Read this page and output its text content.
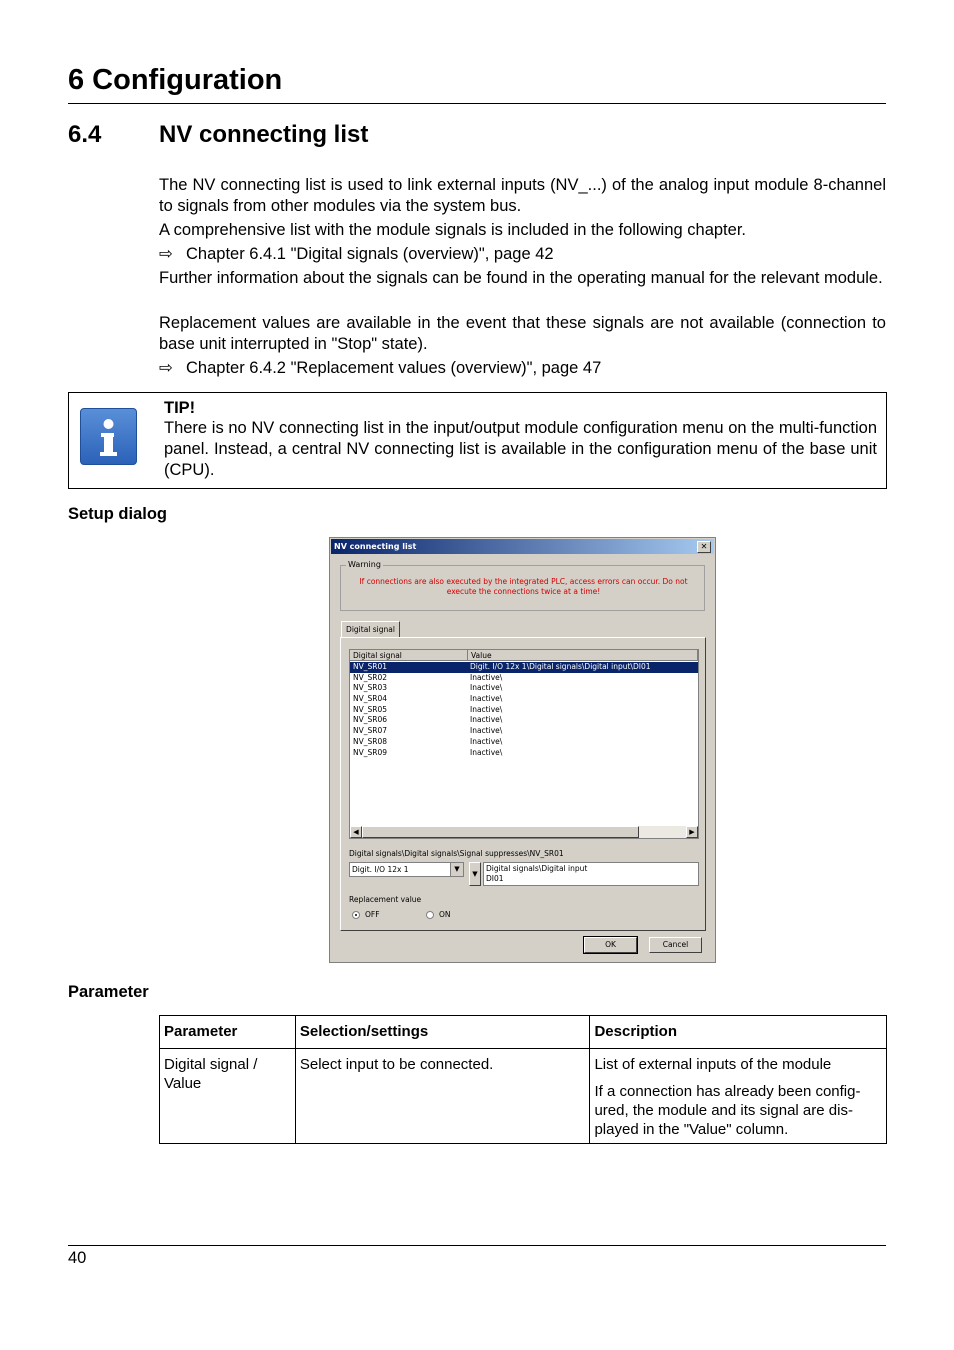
6 Configuration
6.4 NV connecting list
The NV connecting list is used to link external inputs (NV_...) of the analog input module 8-channel to signals from other modules via the system bus.
A comprehensive list with the module signals is included in the following chapter.
⇨ Chapter 6.4.1 "Digital signals (overview)", page 42
Further information about the signals can be found in the operating manual for the relevant module.
Replacement values are available in the event that these signals are not available (connection to base unit interrupted in "Stop" state).
⇨ Chapter 6.4.2 "Replacement values (overview)", page 47
TIP!
There is no NV connecting list in the input/output module configuration menu on the multi-function panel. Instead, a central NV connecting list is available in the configuration menu of the base unit (CPU).
Setup dialog
NV connecting list	✕
Warning
If connections are also executed by the integrated PLC, access errors can occur. Do not execute the connections twice at a time!
Digital signal
Digital signal	Value
NV_SR01	Digit. I/O 12x 1\Digital signals\Digital input\DI01
NV_SR02	Inactive\
NV_SR03	Inactive\
NV_SR04	Inactive\
NV_SR05	Inactive\
NV_SR06	Inactive\
NV_SR07	Inactive\
NV_SR08	Inactive\
NV_SR09	Inactive\
◀	▶
Digital signals\Digital signals\Signal suppresses\NV_SR01
Digit. I/O 12x 1	▼
▼
Digital signals\Digital input
DI01
Replacement value
OFF	ON
OK	Cancel
Parameter
Parameter	Selection/settings	Description
Digital signal / Value	Select input to be connected.	List of external inputs of the module

If a connection has already been config-ured, the module and its signal are dis-played in the "Value" column.

40
